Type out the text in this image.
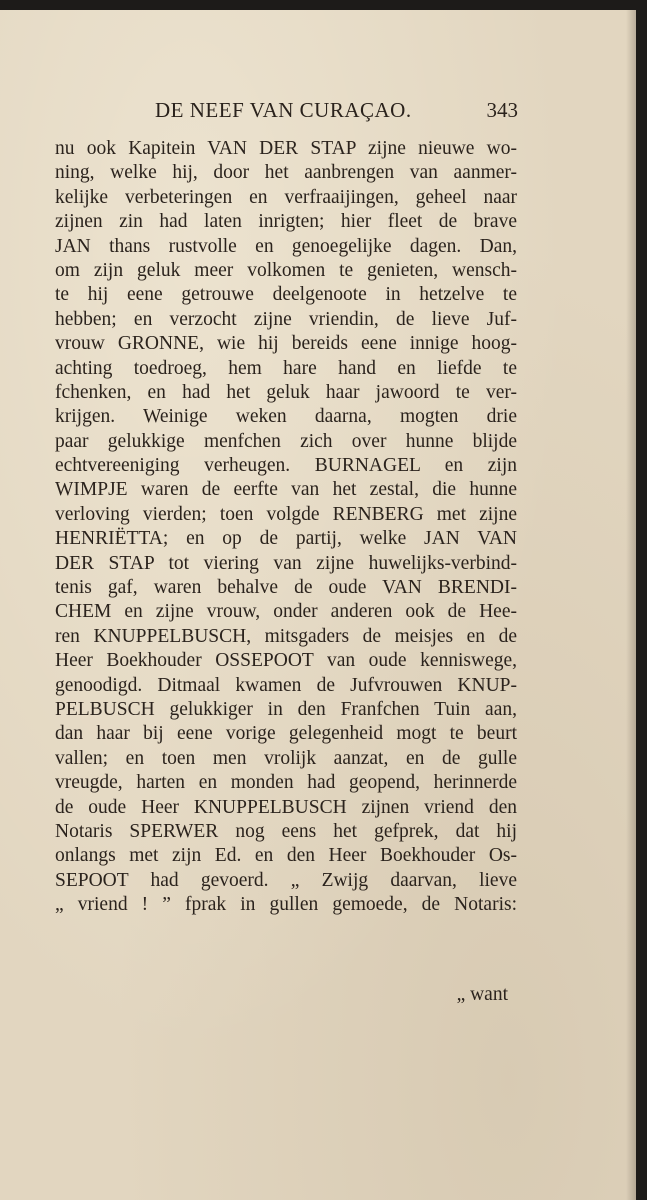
DE NEEF VAN CURAÇAO.	343
nu ook Kapitein VAN DER STAP zijne nieuwe wo-
ning, welke hij, door het aanbrengen van aanmer-
kelijke verbeteringen en verfraaijingen, geheel naar
zijnen zin had laten inrigten; hier fleet de brave
JAN thans rustvolle en genoegelijke dagen. Dan,
om zijn geluk meer volkomen te genieten, wensch-
te hij eene getrouwe deelgenoote in hetzelve te
hebben; en verzocht zijne vriendin, de lieve Juf-
vrouw GRONNE, wie hij bereids eene innige hoog-
achting toedroeg, hem hare hand en liefde te
fchenken, en had het geluk haar jawoord te ver-
krijgen. Weinige weken daarna, mogten drie
paar gelukkige menfchen zich over hunne blijde
echtvereeniging verheugen. BURNAGEL en zijn
WIMPJE waren de eerfte van het zestal, die hunne
verloving vierden; toen volgde RENBERG met zijne
HENRIËTTA; en op de partij, welke JAN VAN
DER STAP tot viering van zijne huwelijks-verbind-
tenis gaf, waren behalve de oude VAN BRENDI-
CHEM en zijne vrouw, onder anderen ook de Hee-
ren KNUPPELBUSCH, mitsgaders de meisjes en de
Heer Boekhouder OSSEPOOT van oude kenniswege,
genoodigd. Ditmaal kwamen de Jufvrouwen KNUP-
PELBUSCH gelukkiger in den Franfchen Tuin aan,
dan haar bij eene vorige gelegenheid mogt te beurt
vallen; en toen men vrolijk aanzat, en de gulle
vreugde, harten en monden had geopend, herinnerde
de oude Heer KNUPPELBUSCH zijnen vriend den
Notaris SPERWER nog eens het gefprek, dat hij
onlangs met zijn Ed. en den Heer Boekhouder Os-
SEPOOT had gevoerd. „ Zwijg daarvan, lieve
„ vriend ! ” fprak in gullen gemoede, de Notaris:
„ want
